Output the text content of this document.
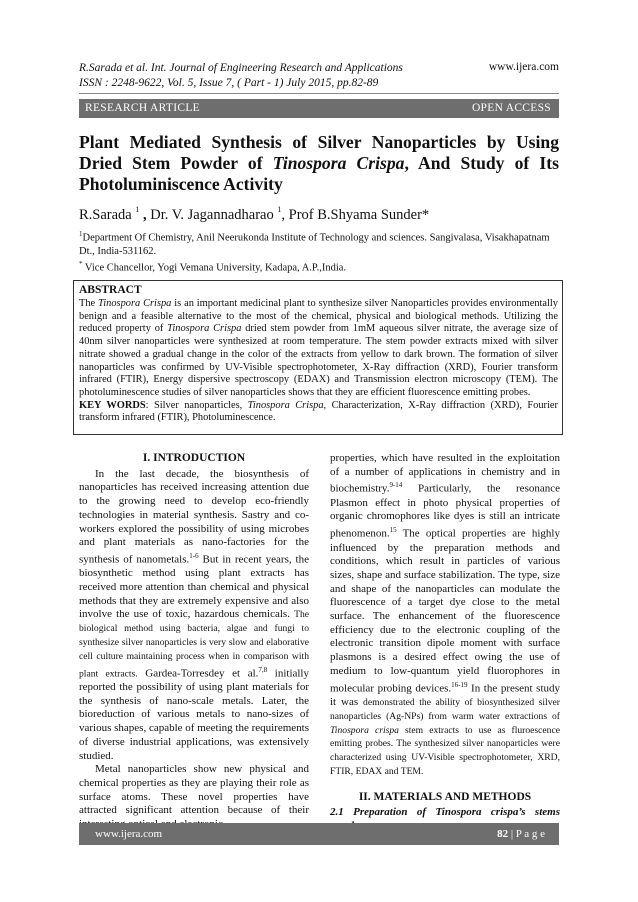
R.Sarada et al. Int. Journal of Engineering Research and Applications
ISSN : 2248-9622, Vol. 5, Issue 7, ( Part - 1) July 2015, pp.82-89
www.ijera.com
RESEARCH ARTICLE	OPEN ACCESS
Plant Mediated Synthesis of Silver Nanoparticles by Using Dried Stem Powder of Tinospora Crispa, And Study of Its Photoluminiscence Activity
R.Sarada $^1$ , Dr. V. Jagannadharao $^1$, Prof B.Shyama Sunder*
$^1$Department Of Chemistry, Anil Neerukonda Institute of Technology and sciences. Sangivalasa, Visakhapatnam Dt., India-531162.
* Vice Chancellor, Yogi Vemana University, Kadapa, A.P.,India.
ABSTRACT
The Tinospora Crispa is an important medicinal plant to synthesize silver Nanoparticles provides environmentally benign and a feasible alternative to the most of the chemical, physical and biological methods. Utilizing the reduced property of Tinospora Crispa dried stem powder from 1mM aqueous silver nitrate, the average size of 40nm silver nanoparticles were synthesized at room temperature. The stem powder extracts mixed with silver nitrate showed a gradual change in the color of the extracts from yellow to dark brown. The formation of silver nanoparticles was confirmed by UV-Visible spectrophotometer, X-Ray diffraction (XRD), Fourier transform infrared (FTIR), Energy dispersive spectroscopy (EDAX) and Transmission electron microscopy (TEM). The photoluminescence studies of silver nanoparticles shows that they are efficient fluorescence emitting probes.
KEY WORDS: Silver nanoparticles, Tinospora Crispa, Characterization, X-Ray diffraction (XRD), Fourier transform infrared (FTIR), Photoluminescence.
I. INTRODUCTION

In the last decade, the biosynthesis of nanoparticles has received increasing attention due to the growing need to develop eco-friendly technologies in material synthesis. Sastry and co-workers explored the possibility of using microbes and plant materials as nano-factories for the synthesis of nanometals.$^{1-6}$ But in recent years, the biosynthetic method using plant extracts has received more attention than chemical and physical methods that they are extremely expensive and also involve the use of toxic, hazardous chemicals. The biological method using bacteria, algae and fungi to synthesize silver nanoparticles is very slow and elaborative cell culture maintaining process when in comparison with plant extracts. Gardea-Torresdey et al.$^{7,8}$ initially reported the possibility of using plant materials for the synthesis of nano-scale metals. Later, the bioreduction of various metals to nano-sizes of various shapes, capable of meeting the requirements of diverse industrial applications, was extensively studied.

Metal nanoparticles show new physical and chemical properties as they are playing their role as surface atoms. These novel properties have attracted significant attention because of their

properties, which have resulted in the exploitation of a number of applications in chemistry and in biochemistry.$^{9-14}$ Particularly, the resonance Plasmon effect in photo physical properties of organic chromophores like dyes is still an intricate phenomenon.$^{15}$ The optical properties are highly influenced by the preparation methods and conditions, which result in particles of various sizes, shape and surface stabilization. The type, size and shape of the nanoparticles can modulate the fluorescence of a target dye close to the metal surface. The enhancement of the fluorescence efficiency due to the electronic coupling of the electronic transition dipole moment with surface plasmons is a desired effect owing the use of medium to low-quantum yield fluorophores in molecular probing devices.$^{16-19}$ In the present study it was demonstrated the ability of biosynthesized silver nanoparticles (Ag-NPs) from warm water extractions of Tinospora crispa stem extracts to use as fluroescence emitting probes. The synthesized silver nanoparticles were characterized using UV-Visible spectrophotometer, XRD, FTIR, EDAX and TEM.

II. MATERIALS AND METHODS
2.1 Preparation of Tinospora crispa’s stems
www.ijera.com	82 | P a g e
